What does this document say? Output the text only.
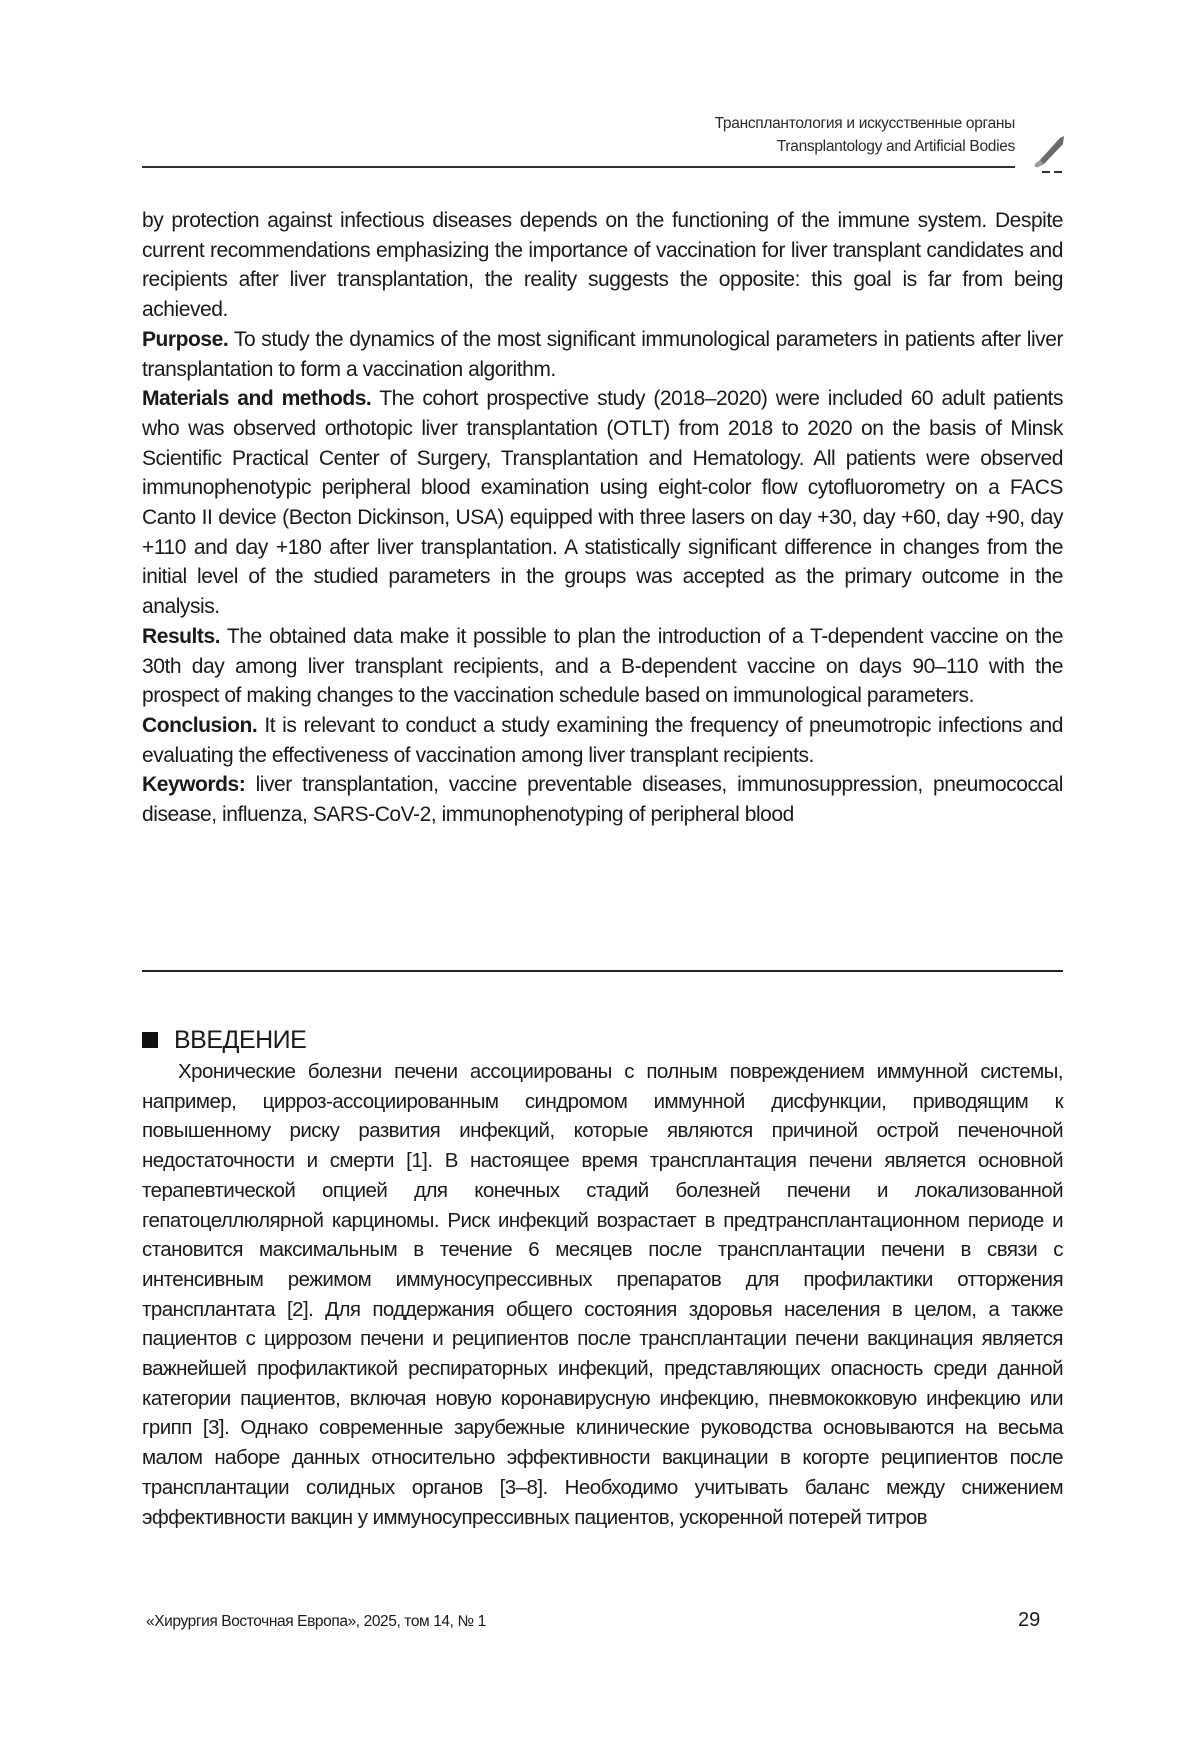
Трансплантология и искусственные органы
Transplantology and Artificial Bodies

by protection against infectious diseases depends on the functioning of the immune system. Despite current recommendations emphasizing the importance of vaccination for liver transplant candidates and recipients after liver transplantation, the reality suggests the opposite: this goal is far from being achieved.

Purpose. To study the dynamics of the most significant immunological parameters in patients after liver transplantation to form a vaccination algorithm.

Materials and methods. The cohort prospective study (2018–2020) were included 60 adult patients who was observed orthotopic liver transplantation (OTLT) from 2018 to 2020 on the basis of Minsk Scientific Practical Center of Surgery, Transplantation and Hematology. All patients were observed immunophenotypic peripheral blood examination using eight-color flow cytofluorometry on a FACS Canto II device (Becton Dickinson, USA) equipped with three lasers on day +30, day +60, day +90, day +110 and day +180 after liver transplantation. A statistically significant difference in changes from the initial level of the studied parameters in the groups was accepted as the primary outcome in the analysis.

Results. The obtained data make it possible to plan the introduction of a T-dependent vaccine on the 30th day among liver transplant recipients, and a B-dependent vaccine on days 90–110 with the prospect of making changes to the vaccination schedule based on immunological parameters.

Conclusion. It is relevant to conduct a study examining the frequency of pneumotropic infections and evaluating the effectiveness of vaccination among liver transplant recipients.

Keywords: liver transplantation, vaccine preventable diseases, immunosuppression, pneumococcal disease, influenza, SARS-CoV-2, immunophenotyping of peripheral blood

ВВЕДЕНИЕ

Хронические болезни печени ассоциированы с полным повреждением иммунной системы, например, цирроз-ассоциированным синдромом иммунной дисфункции, приводящим к повышенному риску развития инфекций, которые являются причиной острой печеночной недостаточности и смерти [1]. В настоящее время трансплантация печени является основной терапевтической опцией для конечных стадий болезней печени и локализованной гепатоцеллюлярной карциномы. Риск инфекций возрастает в предтрансплантационном периоде и становится максимальным в течение 6 месяцев после трансплантации печени в связи с интенсивным режимом иммуносупрессивных препаратов для профилактики отторжения трансплантата [2]. Для поддержания общего состояния здоровья населения в целом, а также пациентов с циррозом печени и реципиентов после трансплантации печени вакцинация является важнейшей профилактикой респираторных инфекций, представляющих опасность среди данной категории пациентов, включая новую коронавирусную инфекцию, пневмококковую инфекцию или грипп [3]. Однако современные зарубежные клинические руководства основываются на весьма малом наборе данных относительно эффективности вакцинации в когорте реципиентов после трансплантации солидных органов [3–8]. Необходимо учитывать баланс между снижением эффективности вакцин у иммуносупрессивных пациентов, ускоренной потерей титров

«Хирургия Восточная Европа», 2025, том 14, № 1	29
